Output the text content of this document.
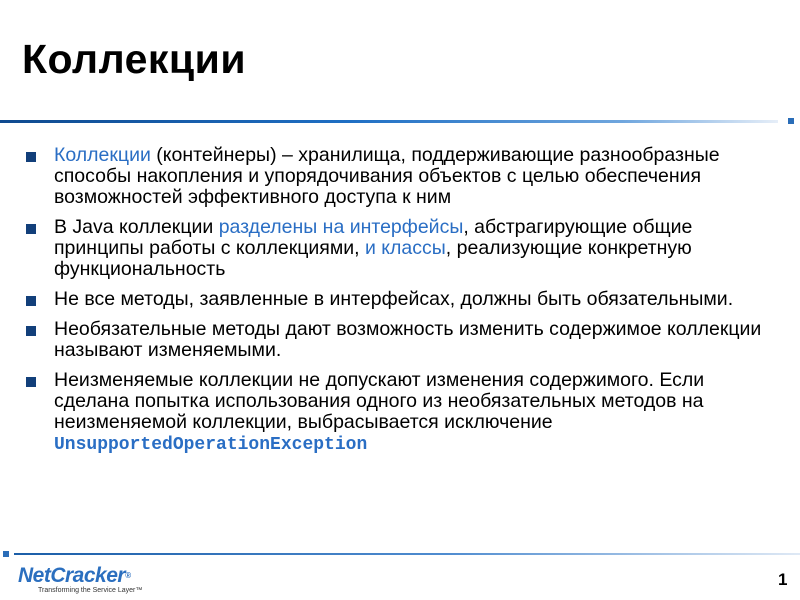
Коллекции
Коллекции (контейнеры) – хранилища, поддерживающие разнообразные способы накопления и упорядочивания объектов с целью обеспечения возможностей эффективного доступа к ним
В Java коллекции разделены на интерфейсы, абстрагирующие общие принципы работы с коллекциями, и классы, реализующие конкретную функциональность
Не все методы, заявленные в интерфейсах, должны быть обязательными.
Необязательные методы дают возможность изменить содержимое коллекции называют изменяемыми.
Неизменяемые коллекции не допускают изменения содержимого. Если сделана попытка использования одного из необязательных методов на неизменяемой коллекции, выбрасывается исключение UnsupportedOperationException
NetCracker®
Transforming the Service Layer™
1
